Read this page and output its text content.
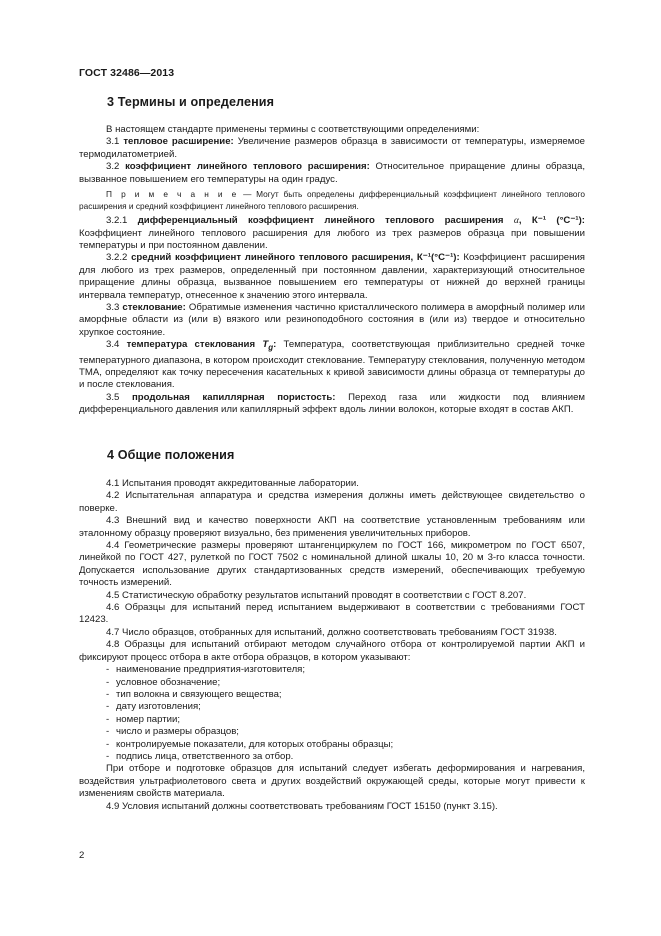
ГОСТ 32486—2013
3 Термины и определения

В настоящем стандарте применены термины с соответствующими определениями:

3.1 тепловое расширение: Увеличение размеров образца в зависимости от температуры, измеряемое термодилатометрией.

3.2 коэффициент линейного теплового расширения: Относительное приращение длины образца, вызванное повышением его температуры на один градус.

П р и м е ч а н и е — Могут быть определены дифференциальный коэффициент линейного теплового расширения и средний коэффициент линейного теплового расширения.

3.2.1 дифференциальный коэффициент линейного теплового расширения α, К⁻¹ (°С⁻¹): Коэффициент линейного теплового расширения для любого из трех размеров образца при повышении температуры и при постоянном давлении.

3.2.2 средний коэффициент линейного теплового расширения, К⁻¹(°С⁻¹): Коэффициент расширения для любого из трех размеров, определенный при постоянном давлении, характеризующий относительное приращение длины образца, вызванное повышением его температуры от нижней до верхней границы интервала температур, отнесенное к значению этого интервала.

3.3 стеклование: Обратимые изменения частично кристаллического полимера в аморфный полимер или аморфные области из (или в) вязкого или резиноподобного состояния в (или из) твердое и относительно хрупкое состояние.

3.4 температура стеклования $T_g$: Температура, соответствующая приблизительно средней точке температурного диапазона, в котором происходит стеклование. Температуру стеклования, полученную методом ТМА, определяют как точку пересечения касательных к кривой зависимости длины образца от температуры до и после стеклования.

3.5 продольная капиллярная пористость: Переход газа или жидкости под влиянием дифференциального давления или капиллярный эффект вдоль линии волокон, которые входят в состав АКП.

4 Общие положения

4.1 Испытания проводят аккредитованные лаборатории.

4.2 Испытательная аппаратура и средства измерения должны иметь действующее свидетельство о поверке.

4.3 Внешний вид и качество поверхности АКП на соответствие установленным требованиям или эталонному образцу проверяют визуально, без применения увеличительных приборов.

4.4 Геометрические размеры проверяют штангенциркулем по ГОСТ 166, микрометром по ГОСТ 6507, линейкой по ГОСТ 427, рулеткой по ГОСТ 7502 с номинальной длиной шкалы 10, 20 м 3-го класса точности. Допускается использование других стандартизованных средств измерений, обеспечивающих требуемую точность измерений.

4.5 Статистическую обработку результатов испытаний проводят в соответствии с ГОСТ 8.207.

4.6 Образцы для испытаний перед испытанием выдерживают в соответствии с требованиями ГОСТ 12423.

4.7 Число образцов, отобранных для испытаний, должно соответствовать требованиям ГОСТ 31938.

4.8 Образцы для испытаний отбирают методом случайного отбора от контролируемой партии АКП и фиксируют процесс отбора в акте отбора образцов, в котором указывают:

- наименование предприятия-изготовителя;
- условное обозначение;
- тип волокна и связующего вещества;
- дату изготовления;
- номер партии;
- число и размеры образцов;
- контролируемые показатели, для которых отобраны образцы;
- подпись лица, ответственного за отбор.

При отборе и подготовке образцов для испытаний следует избегать деформирования и нагревания, воздействия ультрафиолетового света и других воздействий окружающей среды, которые могут привести к изменениям свойств материала.

4.9 Условия испытаний должны соответствовать требованиям ГОСТ 15150 (пункт 3.15).

2
